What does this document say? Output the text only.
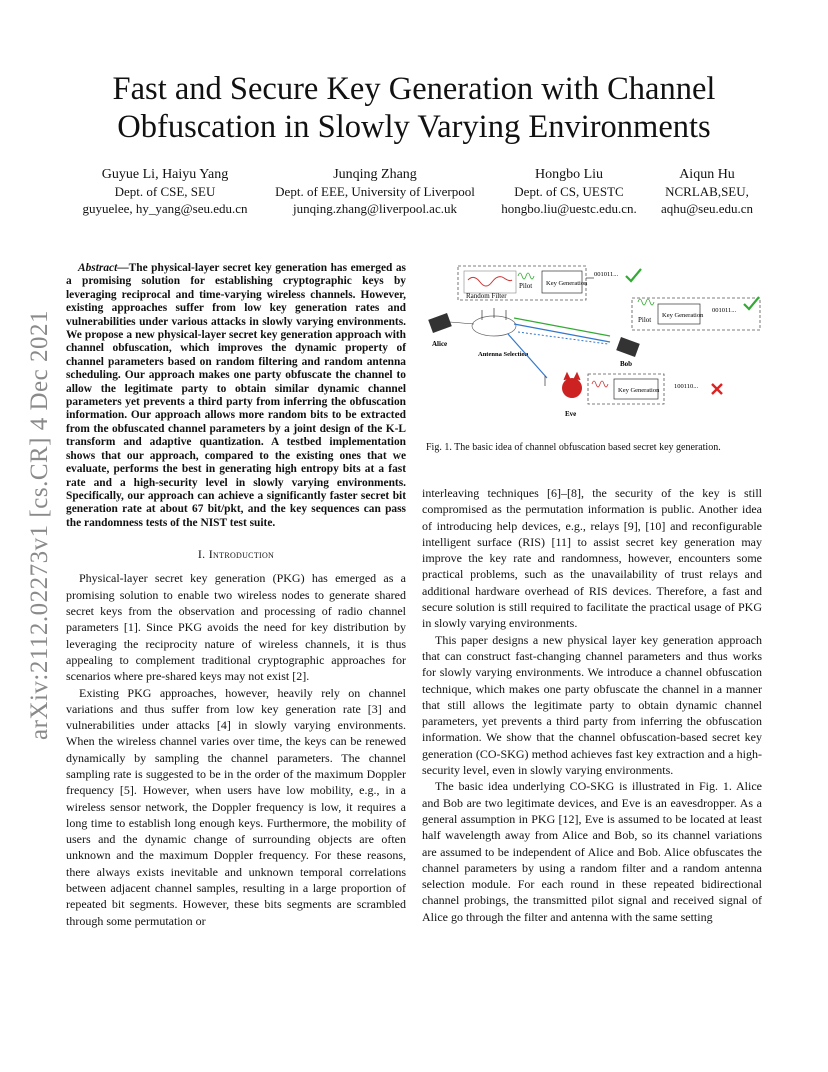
arXiv:2112.02273v1 [cs.CR] 4 Dec 2021
Fast and Secure Key Generation with Channel Obfuscation in Slowly Varying Environments
Guyue Li, Haiyu Yang
Dept. of CSE, SEU
guyuelee, hy_yang@seu.edu.cn
Junqing Zhang
Dept. of EEE, University of Liverpool
junqing.zhang@liverpool.ac.uk
Hongbo Liu
Dept. of CS, UESTC
hongbo.liu@uestc.edu.cn.
Aiqun Hu
NCRLAB,SEU,
aqhu@seu.edu.cn

Abstract—The physical-layer secret key generation has emerged as a promising solution for establishing cryptographic keys by leveraging reciprocal and time-varying wireless channels. However, existing approaches suffer from low key generation rates and vulnerabilities under various attacks in slowly varying environments. We propose a new physical-layer secret key generation approach with channel obfuscation, which improves the dynamic property of channel parameters based on random filtering and random antenna scheduling. Our approach makes one party obfuscate the channel to allow the legitimate party to obtain similar dynamic channel parameters yet prevents a third party from inferring the obfuscation information. Our approach allows more random bits to be extracted from the obfuscated channel parameters by a joint design of the K-L transform and adaptive quantization. A testbed implementation shows that our approach, compared to the existing ones that we evaluate, performs the best in generating high entropy bits at a fast rate and a high-security level in slowly varying environments. Specifically, our approach can achieve a significantly faster secret bit generation rate at about 67 bit/pkt, and the key sequences can pass the randomness tests of the NIST test suite.

I. Introduction

Physical-layer secret key generation (PKG) has emerged as a promising solution to enable two wireless nodes to generate shared secret keys from the observation and processing of radio channel parameters [1]. Since PKG avoids the need for key distribution by leveraging the reciprocity nature of wireless channels, it is thus appealing to complement traditional cryptographic approaches for scenarios where pre-shared keys may not exist [2].

Existing PKG approaches, however, heavily rely on channel variations and thus suffer from low key generation rate [3] and vulnerabilities under attacks [4] in slowly varying environments. When the wireless channel varies over time, the keys can be renewed dynamically by sampling the channel parameters. The channel sampling rate is suggested to be in the order of the maximum Doppler frequency [5]. However, when users have low mobility, e.g., in a wireless sensor network, the Doppler frequency is low, it requires a long time to establish long enough keys. Furthermore, the mobility of users and the dynamic change of surrounding objects are often unknown and the maximum Doppler frequency. For these reasons, there always exists inevitable and unknown temporal correlations between adjacent channel samples, resulting in a large proportion of repeated bit segments. However, these bits segments are scrambled through some permutation or

Random Filter
Pilot Key Generation
001011...
Alice
Antenna Selection
Pilot
Key Generation
001011...
Bob
Eve
Key Generation
100110...
Fig. 1. The basic idea of channel obfuscation based secret key generation.

interleaving techniques [6]–[8], the security of the key is still compromised as the permutation information is public. Another idea of introducing help devices, e.g., relays [9], [10] and reconfigurable intelligent surface (RIS) [11] to assist secret key generation may improve the key rate and randomness, however, encounters some practical problems, such as the unavailability of trust relays and additional hardware overhead of RIS devices. Therefore, a fast and secure solution is still required to facilitate the practical usage of PKG in slowly varying environments.

This paper designs a new physical layer key generation approach that can construct fast-changing channel parameters and thus works for slowly varying environments. We introduce a channel obfuscation technique, which makes one party obfuscate the channel in a manner that still allows the legitimate party to obtain dynamic channel parameters, yet prevents a third party from inferring the obfuscation information. We show that the channel obfuscation-based secret key generation (CO-SKG) method achieves fast key extraction and a high-security level, even in slowly varying environments.

The basic idea underlying CO-SKG is illustrated in Fig. 1. Alice and Bob are two legitimate devices, and Eve is an eavesdropper. As a general assumption in PKG [12], Eve is assumed to be located at least half wavelength away from Alice and Bob, so its channel variations are assumed to be independent of Alice and Bob. Alice obfuscates the channel parameters by using a random filter and a random antenna selection module. For each round in these repeated bidirectional channel probings, the transmitted pilot signal and received signal of Alice go through the filter and antenna with the same setting
